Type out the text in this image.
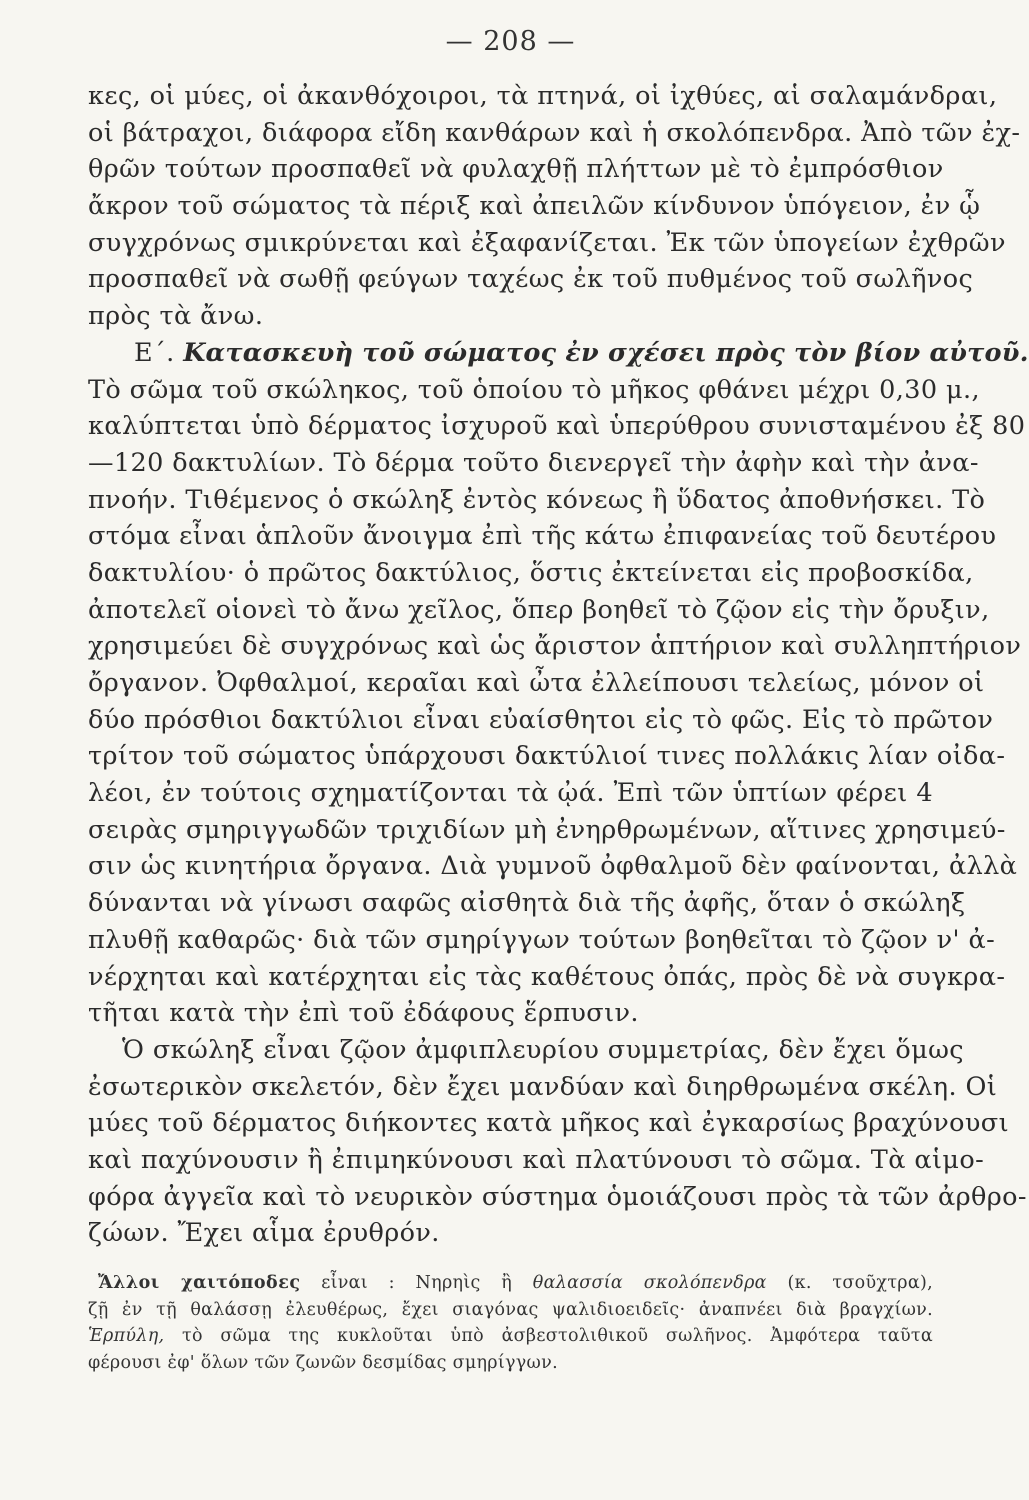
— 208 —
κες, οἱ μύες, οἱ ἀκανθόχοιροι, τὰ πτηνά, οἱ ἰχθύες, αἱ σαλαμάνδραι,
οἱ βάτραχοι, διάφορα εἴδη κανθάρων καὶ ἡ σκολόπενδρα. Ἀπὸ τῶν ἐχ-
θρῶν τούτων προσπαθεῖ νὰ φυλαχθῇ πλήττων μὲ τὸ ἐμπρόσθιον
ἄκρον τοῦ σώματος τὰ πέριξ καὶ ἀπειλῶν κίνδυνον ὑπόγειον, ἐν ᾧ
συγχρόνως σμικρύνεται καὶ ἐξαφανίζεται. Ἐκ τῶν ὑπογείων ἐχθρῶν
προσπαθεῖ νὰ σωθῇ φεύγων ταχέως ἐκ τοῦ πυθμένος τοῦ σωλῆνος
πρὸς τὰ ἄνω.
Ε΄. Κατασκευὴ τοῦ σώματος ἐν σχέσει πρὸς τὸν βίον αὐτοῦ.
Τὸ σῶμα τοῦ σκώληκος, τοῦ ὁποίου τὸ μῆκος φθάνει μέχρι 0,30 μ.,
καλύπτεται ὑπὸ δέρματος ἰσχυροῦ καὶ ὑπερύθρου συνισταμένου ἐξ 80
—120 δακτυλίων. Τὸ δέρμα τοῦτο διενεργεῖ τὴν ἀφὴν καὶ τὴν ἀνα-
πνοήν. Τιθέμενος ὁ σκώληξ ἐντὸς κόνεως ἢ ὕδατος ἀποθνήσκει. Τὸ
στόμα εἶναι ἁπλοῦν ἄνοιγμα ἐπὶ τῆς κάτω ἐπιφανείας τοῦ δευτέρου
δακτυλίου· ὁ πρῶτος δακτύλιος, ὅστις ἐκτείνεται εἰς προβοσκίδα,
ἀποτελεῖ οἱονεὶ τὸ ἄνω χεῖλος, ὅπερ βοηθεῖ τὸ ζῷον εἰς τὴν ὄρυξιν,
χρησιμεύει δὲ συγχρόνως καὶ ὡς ἄριστον ἁπτήριον καὶ συλληπτήριον
ὄργανον. Ὀφθαλμοί, κεραῖαι καὶ ὦτα ἐλλείπουσι τελείως, μόνον οἱ
δύο πρόσθιοι δακτύλιοι εἶναι εὐαίσθητοι εἰς τὸ φῶς. Εἰς τὸ πρῶτον
τρίτον τοῦ σώματος ὑπάρχουσι δακτύλιοί τινες πολλάκις λίαν οἰδα-
λέοι, ἐν τούτοις σχηματίζονται τὰ ᾠά. Ἐπὶ τῶν ὑπτίων φέρει 4
σειρὰς σμηριγγωδῶν τριχιδίων μὴ ἐνηρθρωμένων, αἵτινες χρησιμεύ-
σιν ὡς κινητήρια ὄργανα. Διὰ γυμνοῦ ὀφθαλμοῦ δὲν φαίνονται, ἀλλὰ
δύνανται νὰ γίνωσι σαφῶς αἰσθητὰ διὰ τῆς ἀφῆς, ὅταν ὁ σκώληξ
πλυθῇ καθαρῶς· διὰ τῶν σμηρίγγων τούτων βοηθεῖται τὸ ζῷον ν' ἀ-
νέρχηται καὶ κατέρχηται εἰς τὰς καθέτους ὀπάς, πρὸς δὲ νὰ συγκρα-
τῆται κατὰ τὴν ἐπὶ τοῦ ἐδάφους ἕρπυσιν.
Ὁ σκώληξ εἶναι ζῷον ἀμφιπλευρίου συμμετρίας, δὲν ἔχει ὅμως
ἐσωτερικὸν σκελετόν, δὲν ἔχει μανδύαν καὶ διηρθρωμένα σκέλη. Οἱ
μύες τοῦ δέρματος διήκοντες κατὰ μῆκος καὶ ἐγκαρσίως βραχύνουσι
καὶ παχύνουσιν ἢ ἐπιμηκύνουσι καὶ πλατύνουσι τὸ σῶμα. Τὰ αἱμο-
φόρα ἀγγεῖα καὶ τὸ νευρικὸν σύστημα ὁμοιάζουσι πρὸς τὰ τῶν ἀρθρο-
ζώων. Ἔχει αἷμα ἐρυθρόν.
Ἄλλοι χαιτόποδες εἶναι : Νηρηὶς ἢ θαλασσία σκολόπενδρα (κ. τσοῦχτρα),
ζῇ ἐν τῇ θαλάσσῃ ἐλευθέρως, ἔχει σιαγόνας ψαλιδιοειδεῖς· ἀναπνέει διὰ βραγχίων.
Ἑρπύλη, τὸ σῶμα της κυκλοῦται ὑπὸ ἀσβεστολιθικοῦ σωλῆνος. Ἀμφότερα ταῦτα
φέρουσι ἐφ' ὅλων τῶν ζωνῶν δεσμίδας σμηρίγγων.
